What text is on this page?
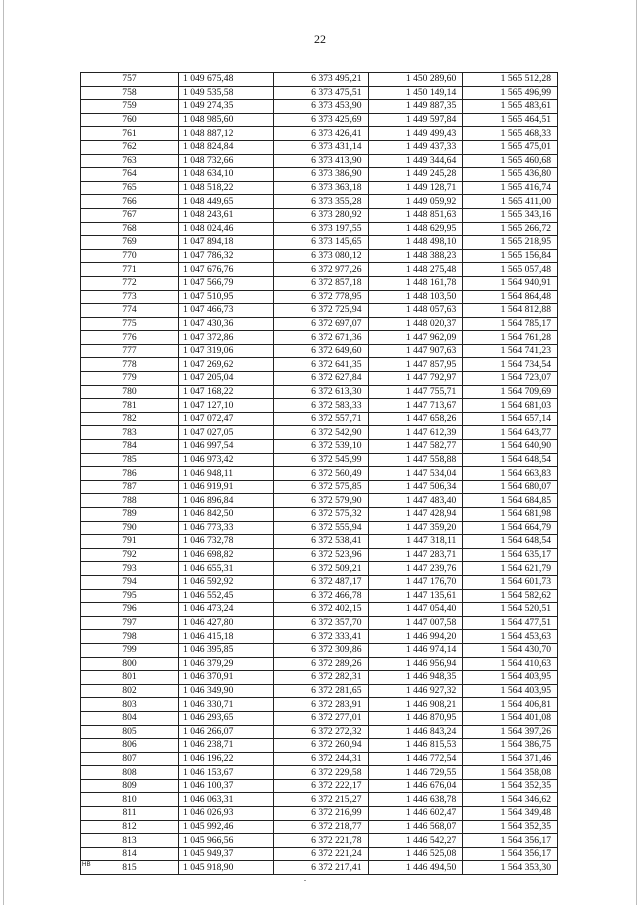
22
757	1 049 675,48	6 373 495,21	1 450 289,60	1 565 512,28
758	1 049 535,58	6 373 475,51	1 450 149,14	1 565 496,99
759	1 049 274,35	6 373 453,90	1 449 887,35	1 565 483,61
760	1 048 985,60	6 373 425,69	1 449 597,84	1 565 464,51
761	1 048 887,12	6 373 426,41	1 449 499,43	1 565 468,33
762	1 048 824,84	6 373 431,14	1 449 437,33	1 565 475,01
763	1 048 732,66	6 373 413,90	1 449 344,64	1 565 460,68
764	1 048 634,10	6 373 386,90	1 449 245,28	1 565 436,80
765	1 048 518,22	6 373 363,18	1 449 128,71	1 565 416,74
766	1 048 449,65	6 373 355,28	1 449 059,92	1 565 411,00
767	1 048 243,61	6 373 280,92	1 448 851,63	1 565 343,16
768	1 048 024,46	6 373 197,55	1 448 629,95	1 565 266,72
769	1 047 894,18	6 373 145,65	1 448 498,10	1 565 218,95
770	1 047 786,32	6 373 080,12	1 448 388,23	1 565 156,84
771	1 047 676,76	6 372 977,26	1 448 275,48	1 565 057,48
772	1 047 566,79	6 372 857,18	1 448 161,78	1 564 940,91
773	1 047 510,95	6 372 778,95	1 448 103,50	1 564 864,48
774	1 047 466,73	6 372 725,94	1 448 057,63	1 564 812,88
775	1 047 430,36	6 372 697,07	1 448 020,37	1 564 785,17
776	1 047 372,86	6 372 671,36	1 447 962,09	1 564 761,28
777	1 047 319,06	6 372 649,60	1 447 907,63	1 564 741,23
778	1 047 269,62	6 372 641,35	1 447 857,95	1 564 734,54
779	1 047 205,04	6 372 627,84	1 447 792,97	1 564 723,07
780	1 047 168,22	6 372 613,30	1 447 755,71	1 564 709,69
781	1 047 127,10	6 372 583,33	1 447 713,67	1 564 681,03
782	1 047 072,47	6 372 557,71	1 447 658,26	1 564 657,14
783	1 047 027,05	6 372 542,90	1 447 612,39	1 564 643,77
784	1 046 997,54	6 372 539,10	1 447 582,77	1 564 640,90
785	1 046 973,42	6 372 545,99	1 447 558,88	1 564 648,54
786	1 046 948,11	6 372 560,49	1 447 534,04	1 564 663,83
787	1 046 919,91	6 372 575,85	1 447 506,34	1 564 680,07
788	1 046 896,84	6 372 579,90	1 447 483,40	1 564 684,85
789	1 046 842,50	6 372 575,32	1 447 428,94	1 564 681,98
790	1 046 773,33	6 372 555,94	1 447 359,20	1 564 664,79
791	1 046 732,78	6 372 538,41	1 447 318,11	1 564 648,54
792	1 046 698,82	6 372 523,96	1 447 283,71	1 564 635,17
793	1 046 655,31	6 372 509,21	1 447 239,76	1 564 621,79
794	1 046 592,92	6 372 487,17	1 447 176,70	1 564 601,73
795	1 046 552,45	6 372 466,78	1 447 135,61	1 564 582,62
796	1 046 473,24	6 372 402,15	1 447 054,40	1 564 520,51
797	1 046 427,80	6 372 357,70	1 447 007,58	1 564 477,51
798	1 046 415,18	6 372 333,41	1 446 994,20	1 564 453,63
799	1 046 395,85	6 372 309,86	1 446 974,14	1 564 430,70
800	1 046 379,29	6 372 289,26	1 446 956,94	1 564 410,63
801	1 046 370,91	6 372 282,31	1 446 948,35	1 564 403,95
802	1 046 349,90	6 372 281,65	1 446 927,32	1 564 403,95
803	1 046 330,71	6 372 283,91	1 446 908,21	1 564 406,81
804	1 046 293,65	6 372 277,01	1 446 870,95	1 564 401,08
805	1 046 266,07	6 372 272,32	1 446 843,24	1 564 397,26
806	1 046 238,71	6 372 260,94	1 446 815,53	1 564 386,75
807	1 046 196,22	6 372 244,31	1 446 772,54	1 564 371,46
808	1 046 153,67	6 372 229,58	1 446 729,55	1 564 358,08
809	1 046 100,37	6 372 222,17	1 446 676,04	1 564 352,35
810	1 046 063,31	6 372 215,27	1 446 638,78	1 564 346,62
811	1 046 026,93	6 372 216,99	1 446 602,47	1 564 349,48
812	1 045 992,46	6 372 218,77	1 446 568,07	1 564 352,35
813	1 045 966,56	6 372 221,78	1 446 542,27	1 564 356,17
814	1 045 949,37	6 372 221,24	1 446 525,08	1 564 356,17
815	1 045 918,90	6 372 217,41	1 446 494,50	1 564 353,30
HB
